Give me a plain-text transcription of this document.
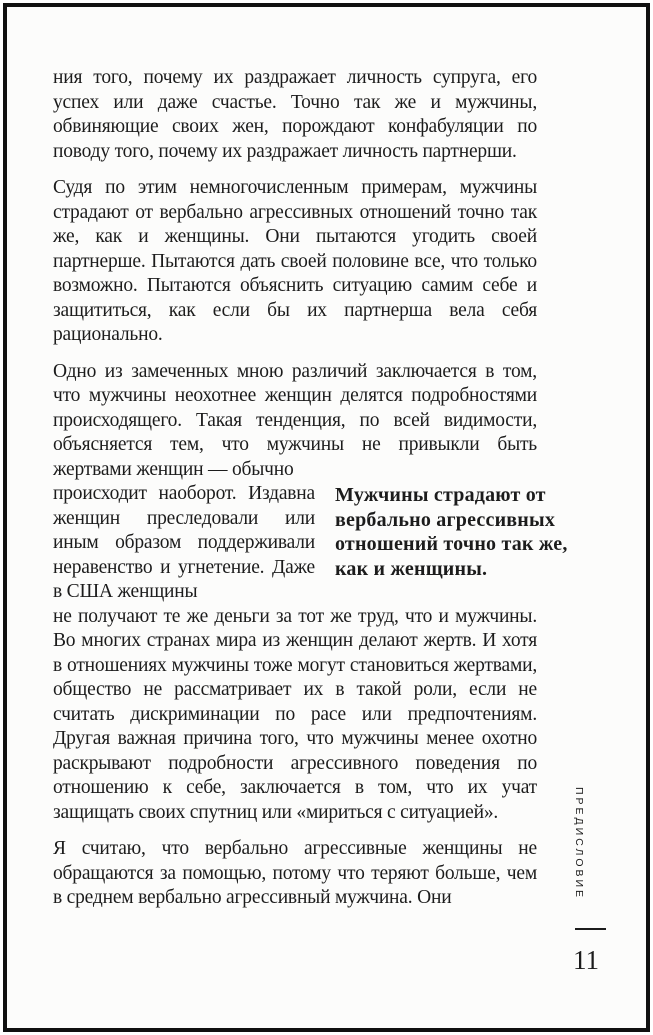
ния того, почему их раздражает личность супруга, его успех или даже счастье. Точно так же и мужчины, обвиняющие своих жен, порождают конфабуляции по поводу того, почему их раздражает личность партнерши.

Судя по этим немногочисленным примерам, мужчины страдают от вербально агрессивных отношений точно так же, как и женщины. Они пытаются угодить своей партнерше. Пытаются дать своей половине все, что только возможно. Пытаются объяснить ситуацию самим себе и защититься, как если бы их партнерша вела себя рационально.

Одно из замеченных мною различий заключается в том, что мужчины неохотнее женщин делятся подробностями происходящего. Такая тенденция, по всей видимости, объясняется тем, что мужчины не привыкли быть жертвами женщин — обычно

происходит наоборот. Издавна женщин преследовали или иным образом поддерживали неравенство и угнетение. Даже в США женщины

Мужчины страдают от вербально агрессивных отношений точно так же, как и женщины.

не получают те же деньги за тот же труд, что и мужчины. Во многих странах мира из женщин делают жертв. И хотя в отношениях мужчины тоже могут становиться жертвами, общество не рассматривает их в такой роли, если не считать дискриминации по расе или предпочтениям. Другая важная причина того, что мужчины менее охотно раскрывают подробности агрессивного поведения по отношению к себе, заключается в том, что их учат защищать своих спутниц или «мириться с ситуацией».

Я считаю, что вербально агрессивные женщины не обращаются за помощью, потому что теряют больше, чем в среднем вербально агрессивный мужчина. Они	ПРЕДИСЛОВИЕ
11
